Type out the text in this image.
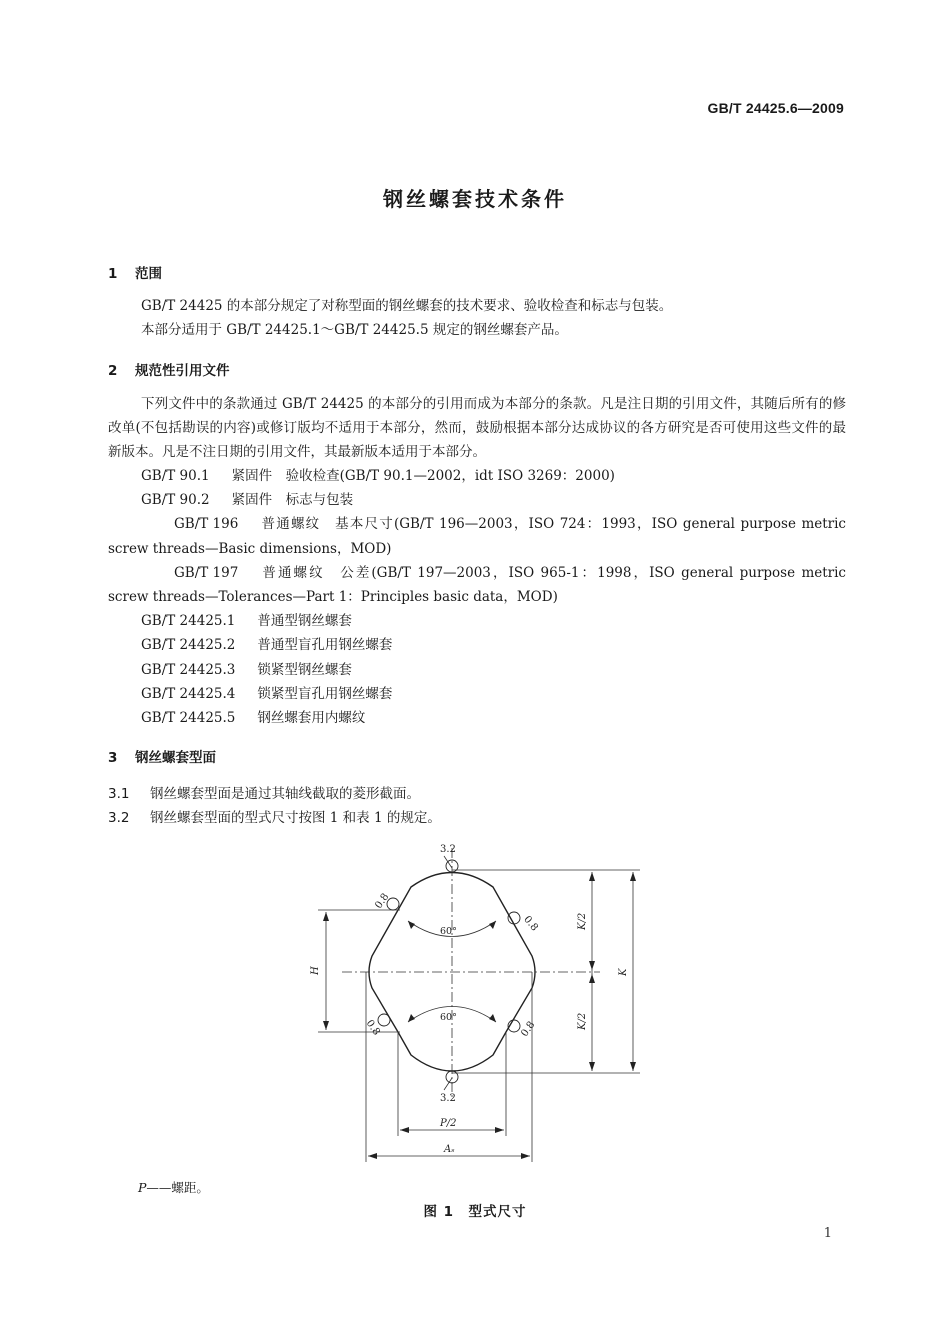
GB/T 24425.6—2009
钢丝螺套技术条件
1 范围
GB/T 24425 的本部分规定了对称型面的钢丝螺套的技术要求、验收检查和标志与包装。
本部分适用于 GB/T 24425.1～GB/T 24425.5 规定的钢丝螺套产品。
2 规范性引用文件

下列文件中的条款通过 GB/T 24425 的本部分的引用而成为本部分的条款。凡是注日期的引用文件，其随后所有的修改单(不包括勘误的内容)或修订版均不适用于本部分，然而，鼓励根据本部分达成协议的各方研究是否可使用这些文件的最新版本。凡是不注日期的引用文件，其最新版本适用于本部分。

GB/T 90.1 紧固件　验收检查(GB/T 90.1—2002，idt ISO 3269：2000)
GB/T 90.2 紧固件　标志与包装
GB/T 196 普通螺纹　基本尺寸(GB/T 196—2003，ISO 724：1993，ISO general purpose metric screw threads—Basic dimensions，MOD)
GB/T 197 普通螺纹　公差(GB/T 197—2003，ISO 965-1：1998，ISO general purpose metric screw threads—Tolerances—Part 1：Principles basic data，MOD)
GB/T 24425.1 普通型钢丝螺套
GB/T 24425.2 普通型盲孔用钢丝螺套
GB/T 24425.3 锁紧型钢丝螺套
GB/T 24425.4 锁紧型盲孔用钢丝螺套
GB/T 24425.5 钢丝螺套用内螺纹
3 钢丝螺套型面
3.1 钢丝螺套型面是通过其轴线截取的菱形截面。
3.2 钢丝螺套型面的型式尺寸按图 1 和表 1 的规定。
3.2
3.2
0.8
0.8
0.8	0.8
60°
60°
H	K
K/2
K/2
P/2
Aₛ
P——螺距。
图 1　型式尺寸
1
